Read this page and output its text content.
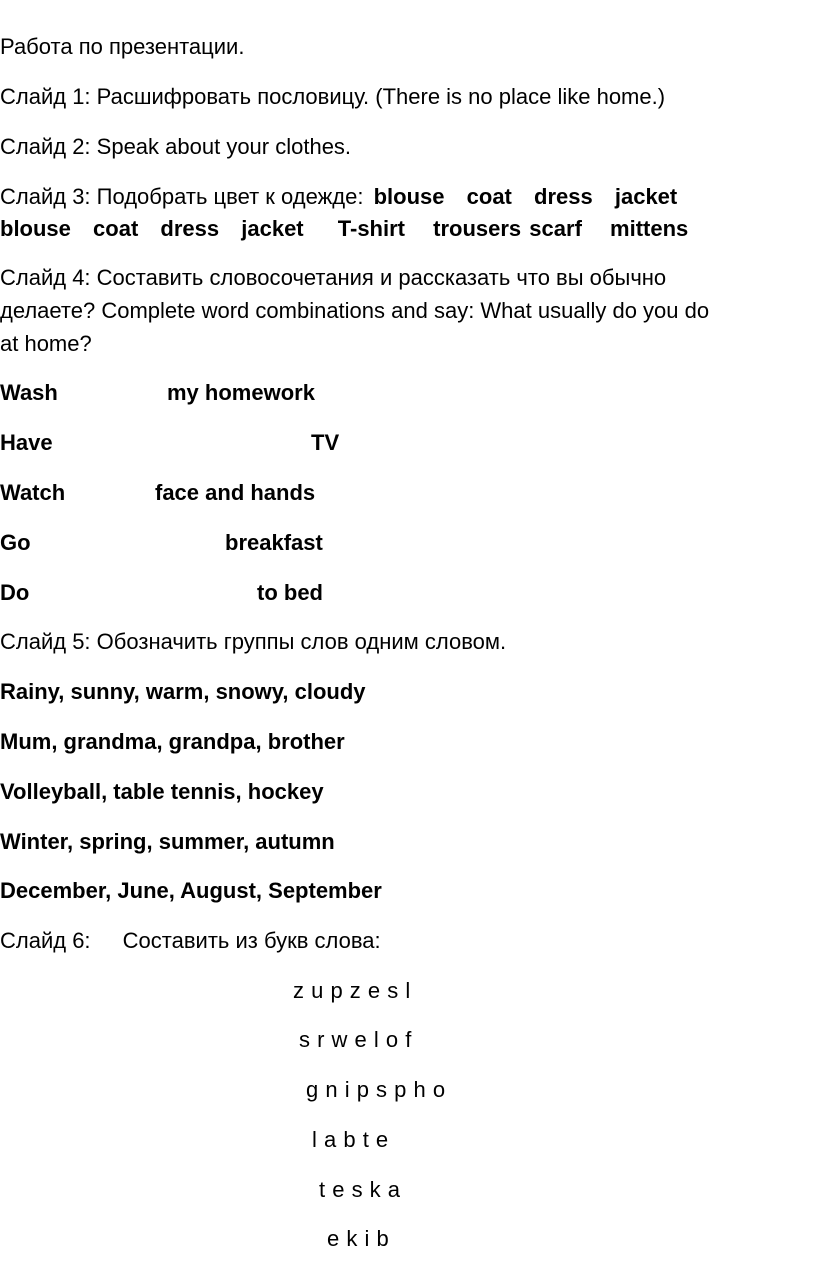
Работа по презентации.
Слайд 1: Расшифровать пословицу. (There is no place like home.)
Слайд 2: Speak about your clothes.
Слайд 3: Подобрать цвет к одежде: blouse coat dress jacket
blouse coat dress jacket T-shirt trousers scarf mittens
Слайд 4: Составить словосочетания и рассказать что вы обычно
делаете? Complete word combinations and say: What usually do you do
at home?
Wash	my homework
Have	TV
Watch	face and hands
Go	breakfast
Do	to bed
Слайд 5: Обозначить группы слов одним словом.
Rainy, sunny, warm, snowy, cloudy
Mum, grandma, grandpa, brother
Volleyball, table tennis, hockey
Winter, spring, summer, autumn
December, June, August, September
Слайд 6: Составить из букв слова:
z u p z e s l
s r w e l o f
g n i p s p h o
l a b t e
t e s k a
e k i b
